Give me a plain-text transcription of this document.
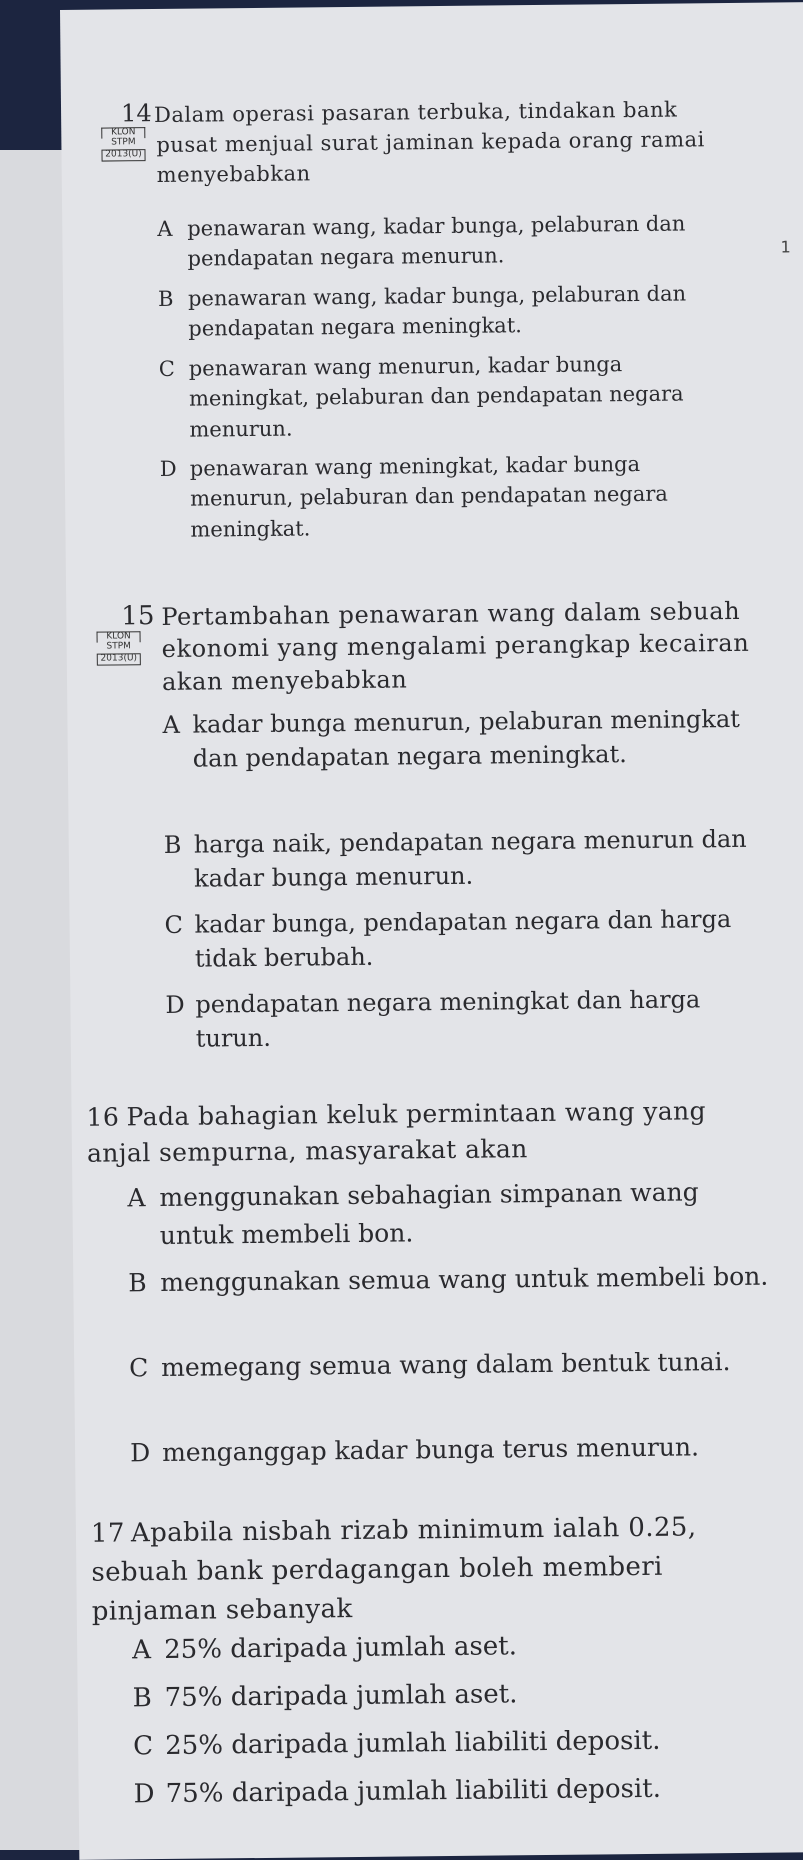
14
KLON
STPM
2013(U)
Dalam operasi pasaran terbuka, tindakan bank pusat menjual surat jaminan kepada orang ramai menyebabkan
A penawaran wang, kadar bunga, pelaburan dan pendapatan negara menurun.
B penawaran wang, kadar bunga, pelaburan dan pendapatan negara meningkat.
C penawaran wang menurun, kadar bunga meningkat, pelaburan dan pendapatan negara menurun.
D penawaran wang meningkat, kadar bunga menurun, pelaburan dan pendapatan negara meningkat.
1
15
KLON
STPM
2013(U)
Pertambahan penawaran wang dalam sebuah ekonomi yang mengalami perangkap kecairan akan menyebabkan
A kadar bunga menurun, pelaburan meningkat dan pendapatan negara meningkat.
B harga naik, pendapatan negara menurun dan kadar bunga menurun.
C kadar bunga, pendapatan negara dan harga tidak berubah.
D pendapatan negara meningkat dan harga turun.
16 Pada bahagian keluk permintaan wang yang anjal sempurna, masyarakat akan
A menggunakan sebahagian simpanan wang untuk membeli bon.
B menggunakan semua wang untuk membeli bon.
C memegang semua wang dalam bentuk tunai.
D menganggap kadar bunga terus menurun.
17 Apabila nisbah rizab minimum ialah 0.25, sebuah bank perdagangan boleh memberi pinjaman sebanyak
A 25% daripada jumlah aset.
B 75% daripada jumlah aset.
C 25% daripada jumlah liabiliti deposit.
D 75% daripada jumlah liabiliti deposit.
